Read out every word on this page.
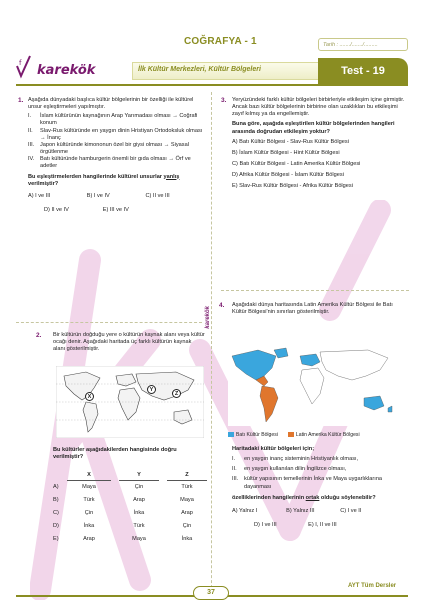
COĞRAFYA - 1	Tarih : ......./......./.........
f karekök	İlk Kültür Merkezleri, Kültür Bölgeleri	Test - 19
karekök
1. Aşağıda dünyadaki başlıca kültür bölgelerinin bir özelliği ile kültürel unsur eşleştirmeleri yapılmıştır.

I.	İslam kültürünün kaynağının Arap Yarımadası olması → Coğrafi konum
II.	Slav-Rus kültüründe en yaygın dinin Hristiyan Ortodoksluk olması → İnanç
III.	Japon kültüründe kimononun özel bir giysi olması → Siyasal örgütlenme
IV.	Batı kültüründe hamburgerin önemli bir gıda olması → Örf ve adetler

Bu eşleştirmelerden hangilerinde kültürel unsurlar yanlış verilmiştir?

A) I ve III	B) I ve IV	C) II ve III
D) II ve IV	E) III ve IV
2. Bir kültürün doğduğu yere o kültürün kaynak alanı veya kültür ocağı denir. Aşağıdaki haritada üç farklı kültürün kaynak alanı gösterilmiştir.

X
Y
Z

Bu kültürler aşağıdakilerden hangisinde doğru verilmiştir?

	X		Y		Z
A)	Maya		Çin		Türk
B)	Türk		Arap		Maya
C)	Çin		İnka		Arap
D)	İnka		Türk		Çin
E)	Arap		Maya		İnka
3. Yeryüzündeki farklı kültür bölgeleri birbirleriyle etkileşim içine girmiştir. Ancak bazı kültür bölgelerinin birbirine olan uzaklıkları bu etkileşimi zayıf kılmış ya da engellemiştir.

Buna göre, aşağıda eşleştirilen kültür bölgelerinden hangileri arasında doğrudan etkileşim yoktur?

A) Batı Kültür Bölgesi - Slav-Rus Kültür Bölgesi

B) İslam Kültür Bölgesi - Hint Kültür Bölgesi

C) Batı Kültür Bölgesi - Latin Amerika Kültür Bölgesi

D) Afrika Kültür Bölgesi - İslam Kültür Bölgesi

E) Slav-Rus Kültür Bölgesi - Afrika Kültür Bölgesi

4. Aşağıdaki dünya haritasında Latin Amerika Kültür Bölgesi ile Batı Kültür Bölgesi'nin sınırları gösterilmiştir.

Batı Kültür Bölgesi	Latin Amerika Kültür Bölgesi

Haritadaki kültür bölgeleri için;

I.	en yaygın inanç sisteminin Hristiyanlık olması,
II.	en yaygın kullanılan dilin İngilizce olması,
III.	kültür yapısının temellerinin İnka ve Maya uygarlıklarına dayanması

özelliklerinden hangilerinin ortak olduğu söylenebilir?

A) Yalnız I	B) Yalnız III	C) I ve II
D) I ve III	E) I, II ve III
37
AYT Tüm Dersler
